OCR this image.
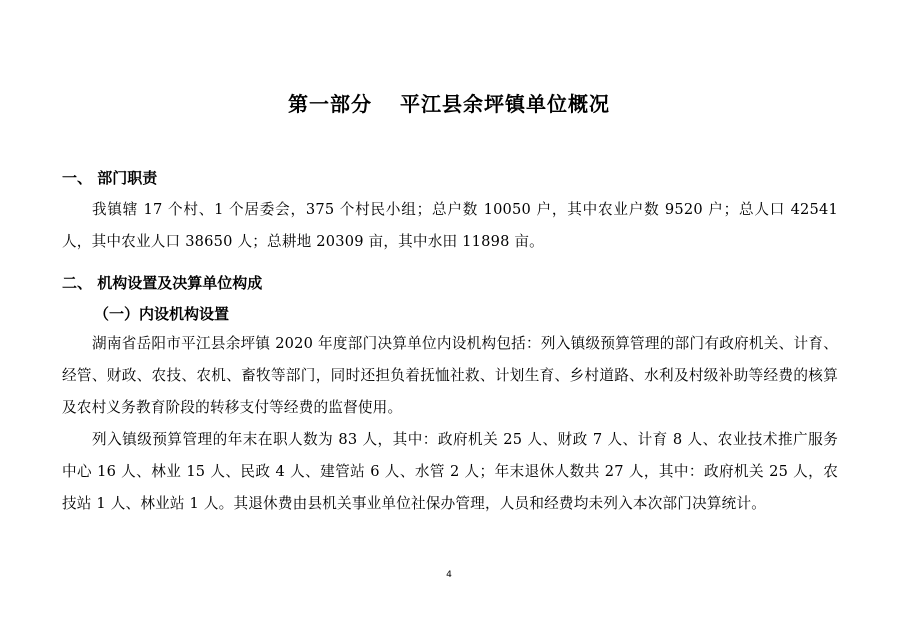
第一部分 平江县余坪镇单位概况
一、 部门职责
我镇辖 17 个村、1 个居委会，375 个村民小组；总户数 10050 户，其中农业户数 9520 户；总人口 42541 人，其中农业人口 38650 人；总耕地 20309 亩，其中水田 11898 亩。
二、 机构设置及决算单位构成
（一）内设机构设置
湖南省岳阳市平江县余坪镇 2020 年度部门决算单位内设机构包括：列入镇级预算管理的部门有政府机关、计育、经管、财政、农技、农机、畜牧等部门，同时还担负着抚恤社救、计划生育、乡村道路、水利及村级补助等经费的核算及农村义务教育阶段的转移支付等经费的监督使用。
列入镇级预算管理的年末在职人数为 83 人，其中：政府机关 25 人、财政 7 人、计育 8 人、农业技术推广服务中心 16 人、林业 15 人、民政 4 人、建管站 6 人、水管 2 人；年末退休人数共 27 人，其中：政府机关 25 人，农技站 1 人、林业站 1 人。其退休费由县机关事业单位社保办管理，人员和经费均未列入本次部门决算统计。
4
